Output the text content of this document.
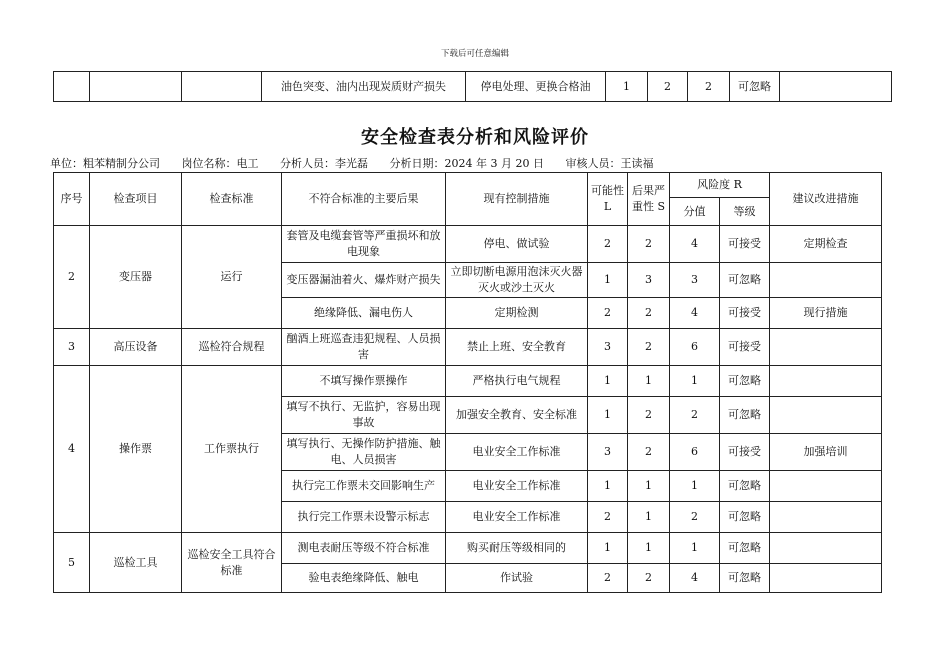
下载后可任意编辑
			油色突变、油内出现炭质财产损失	停电处理、更换合格油	1	2	2	可忽略	
安全检查表分析和风险评价
单位：粗苯精制分公司 岗位名称：电工 分析人员：李光磊 分析日期：2024 年 3 月 20 日 审核人员：王读福
序号	检查项目	检查标准	不符合标准的主要后果	现有控制措施	可能性 L	后果严重性 S	风险度 R		建议改进措施
							分值	等级	
2	变压器	运行	套管及电缆套管等严重损坏和放电现象	停电、做试验	2	2	4	可接受	定期检查
			变压器漏油着火、爆炸财产损失	立即切断电源用泡沫灭火器灭火或沙土灭火	1	3	3	可忽略	
			绝缘降低、漏电伤人	定期检测	2	2	4	可接受	现行措施
3	高压设备	巡检符合规程	酗酒上班巡查违犯规程、人员损害	禁止上班、安全教育	3	2	6	可接受	
4	操作票	工作票执行	不填写操作票操作	严格执行电气规程	1	1	1	可忽略	
			填写不执行、无监护，容易出现事故	加强安全教育、安全标准	1	2	2	可忽略	
			填写执行、无操作防护措施、触电、人员损害	电业安全工作标准	3	2	6	可接受	加强培训
			执行完工作票未交回影响生产	电业安全工作标准	1	1	1	可忽略	
			执行完工作票未设警示标志	电业安全工作标准	2	1	2	可忽略	
5	巡检工具	巡检安全工具符合标准	测电表耐压等级不符合标准	购买耐压等级相同的	1	1	1	可忽略	
			验电表绝缘降低、触电	作试验	2	2	4	可忽略	
